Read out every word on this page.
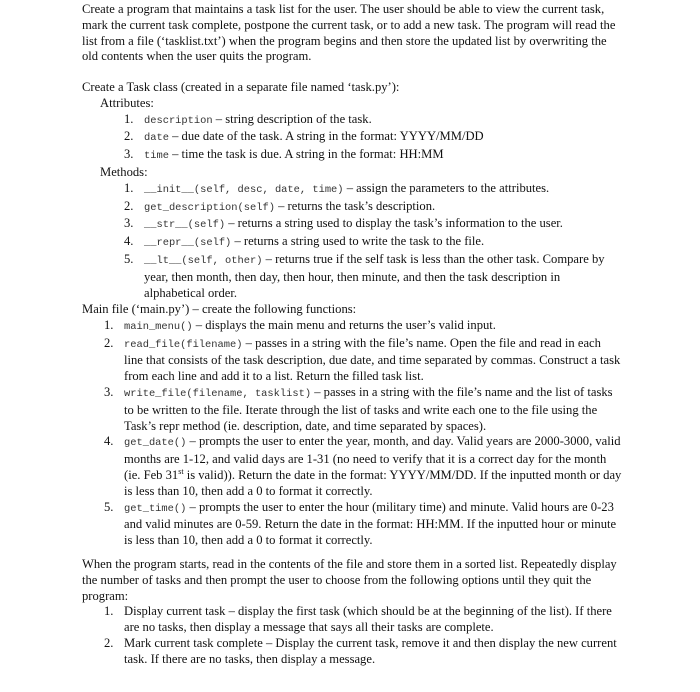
Create a program that maintains a task list for the user. The user should be able to view the current task, mark the current task complete, postpone the current task, or to add a new task. The program will read the list from a file (‘tasklist.txt’) when the program begins and then store the updated list by overwriting the old contents when the user quits the program.

Create a Task class (created in a separate file named ‘task.py’):

Attributes:

1. description – string description of the task.
2. date – due date of the task. A string in the format: YYYY/MM/DD
3. time – time the task is due. A string in the format: HH:MM

Methods:

1. __init__(self, desc, date, time) – assign the parameters to the attributes.
2. get_description(self) – returns the task’s description.
3. __str__(self) – returns a string used to display the task’s information to the user.
4. __repr__(self) – returns a string used to write the task to the file.
5. __lt__(self, other) – returns true if the self task is less than the other task. Compare by year, then month, then day, then hour, then minute, and then the task description in alphabetical order.

Main file (‘main.py’) – create the following functions:

1. main_menu() – displays the main menu and returns the user’s valid input.
2. read_file(filename) – passes in a string with the file’s name. Open the file and read in each line that consists of the task description, due date, and time separated by commas. Construct a task from each line and add it to a list. Return the filled task list.
3. write_file(filename, tasklist) – passes in a string with the file’s name and the list of tasks to be written to the file. Iterate through the list of tasks and write each one to the file using the Task’s repr method (ie. description, date, and time separated by spaces).
4. get_date() – prompts the user to enter the year, month, and day. Valid years are 2000-3000, valid months are 1-12, and valid days are 1-31 (no need to verify that it is a correct day for the month (ie. Feb 31st is valid)). Return the date in the format: YYYY/MM/DD. If the inputted month or day is less than 10, then add a 0 to format it correctly.
5. get_time() – prompts the user to enter the hour (military time) and minute. Valid hours are 0-23 and valid minutes are 0-59. Return the date in the format: HH:MM. If the inputted hour or minute is less than 10, then add a 0 to format it correctly.

When the program starts, read in the contents of the file and store them in a sorted list. Repeatedly display the number of tasks and then prompt the user to choose from the following options until they quit the program:

1. Display current task – display the first task (which should be at the beginning of the list). If there are no tasks, then display a message that says all their tasks are complete.
2. Mark current task complete – Display the current task, remove it and then display the new current task. If there are no tasks, then display a message.
